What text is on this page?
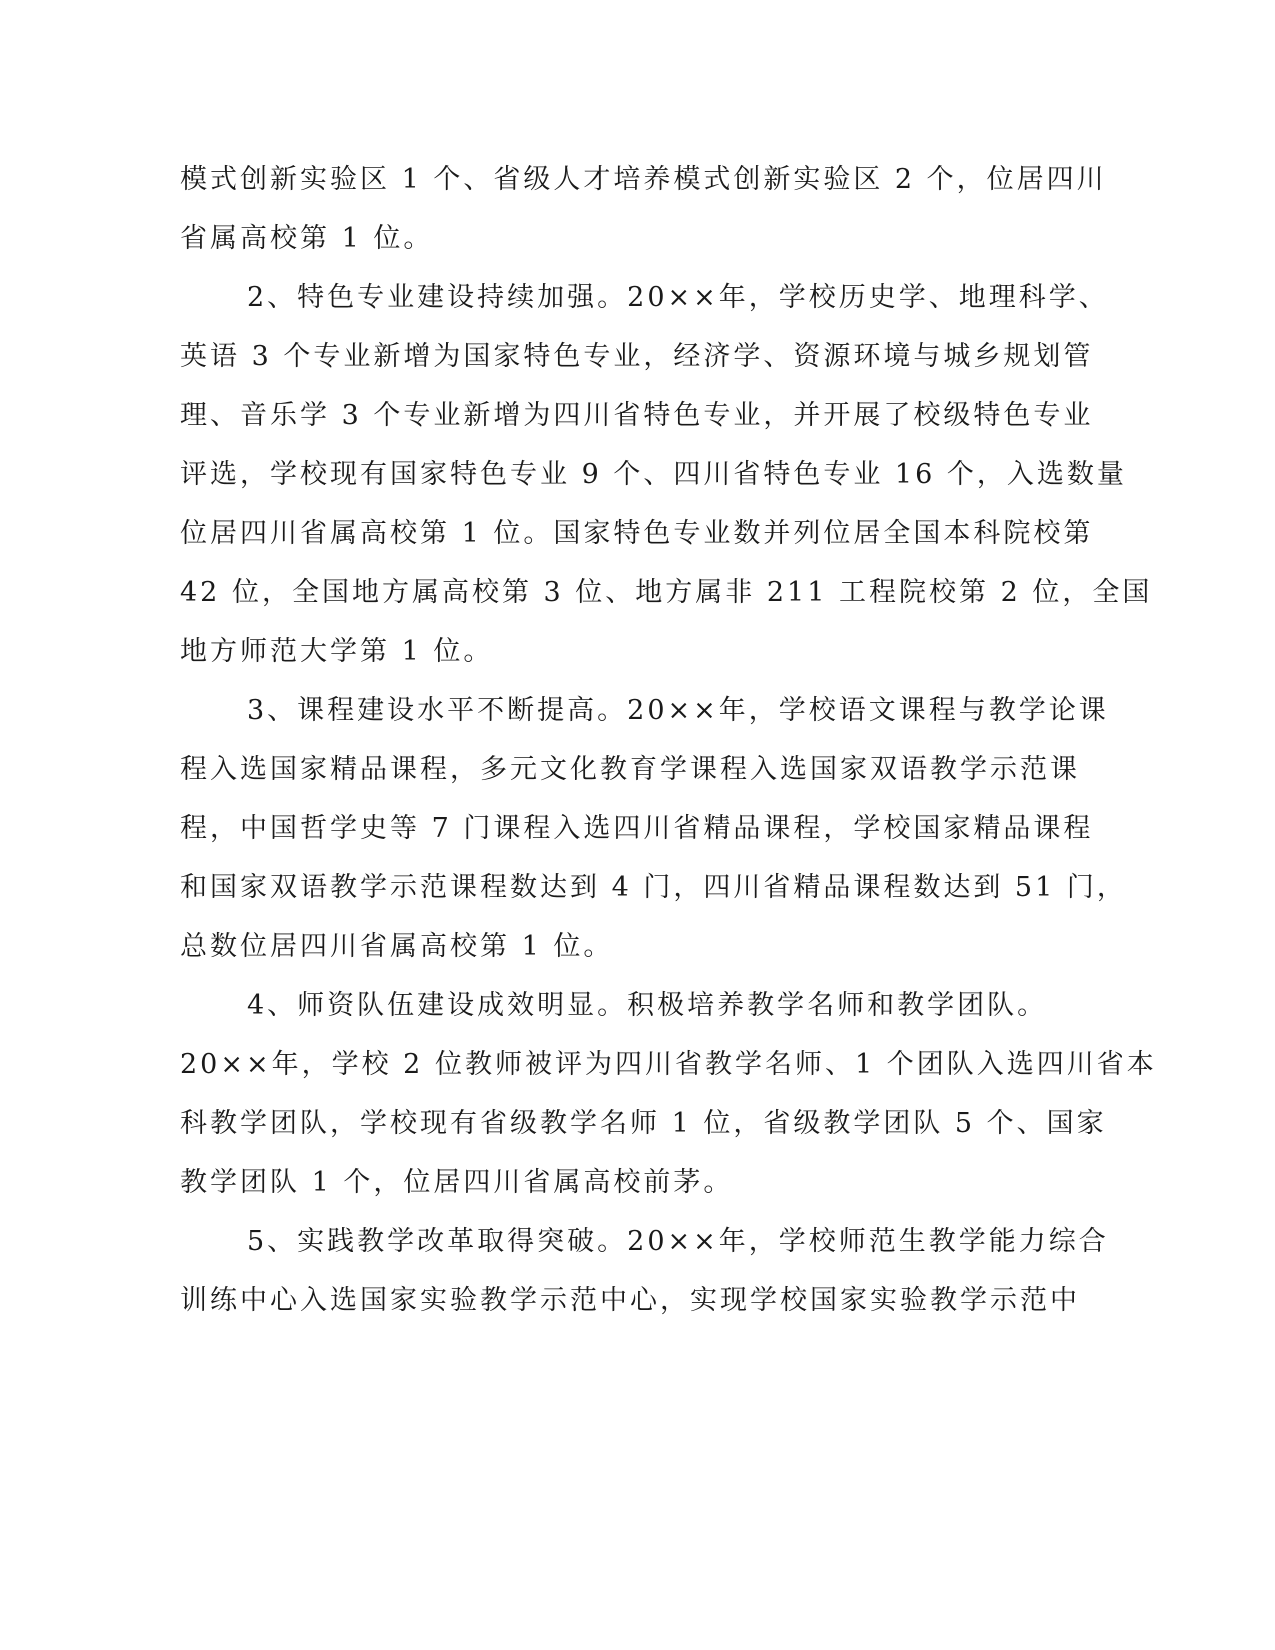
模式创新实验区 1 个、省级人才培养模式创新实验区 2 个，位居四川
省属高校第 1 位。
2、特色专业建设持续加强。20××年，学校历史学、地理科学、
英语 3 个专业新增为国家特色专业，经济学、资源环境与城乡规划管
理、音乐学 3 个专业新增为四川省特色专业，并开展了校级特色专业
评选，学校现有国家特色专业 9 个、四川省特色专业 16 个，入选数量
位居四川省属高校第 1 位。国家特色专业数并列位居全国本科院校第
42 位，全国地方属高校第 3 位、地方属非 211 工程院校第 2 位，全国
地方师范大学第 1 位。
3、课程建设水平不断提高。20××年，学校语文课程与教学论课
程入选国家精品课程，多元文化教育学课程入选国家双语教学示范课
程，中国哲学史等 7 门课程入选四川省精品课程，学校国家精品课程
和国家双语教学示范课程数达到 4 门，四川省精品课程数达到 51 门，
总数位居四川省属高校第 1 位。
4、师资队伍建设成效明显。积极培养教学名师和教学团队。
20××年，学校 2 位教师被评为四川省教学名师、1 个团队入选四川省本
科教学团队，学校现有省级教学名师 1 位，省级教学团队 5 个、国家
教学团队 1 个，位居四川省属高校前茅。
5、实践教学改革取得突破。20××年，学校师范生教学能力综合
训练中心入选国家实验教学示范中心，实现学校国家实验教学示范中
